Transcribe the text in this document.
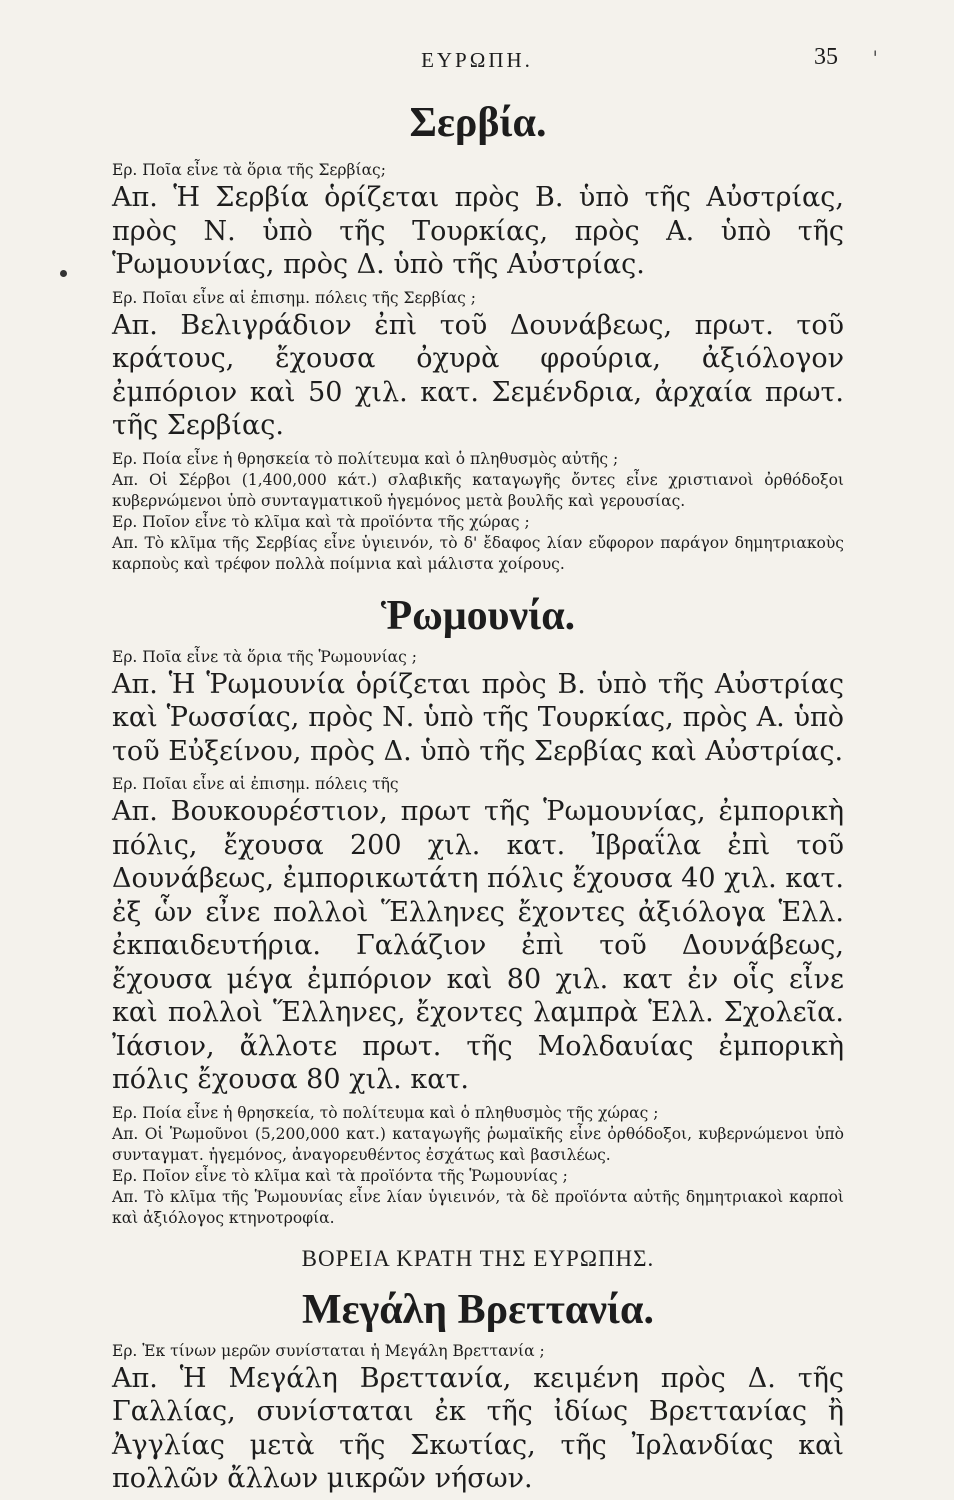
ΕΥΡΩΠΗ.	35 '
Σερβία.

Ερ. Ποῖα εἶνε τὰ ὅρια τῆς Σερβίας;

Απ. Ἡ Σερβία ὁρίζεται πρὸς Β. ὑπὸ τῆς Αὐστρίας, πρὸς Ν. ὑπὸ τῆς Τουρκίας, πρὸς Α. ὑπὸ τῆς Ῥωμουνίας, πρὸς Δ. ὑπὸ τῆς Αὐστρίας.

Ερ. Ποῖαι εἶνε αἱ ἐπισημ. πόλεις τῆς Σερβίας ;

Απ. Βελιγράδιον ἐπὶ τοῦ Δουνάβεως, πρωτ. τοῦ κράτους, ἔχουσα ὀχυρὰ φρούρια, ἀξιόλογον ἐμπόριον καὶ 50 χιλ. κατ. Σεμένδρια, ἀρχαία πρωτ. τῆς Σερβίας.

Ερ. Ποία εἶνε ἡ θρησκεία τὸ πολίτευμα καὶ ὁ πληθυσμὸς αὐτῆς ;

Απ. Οἱ Σέρβοι (1,400,000 κάτ.) σλαβικῆς καταγωγῆς ὄντες εἶνε χριστιανοὶ ὀρθόδοξοι κυβερνώμενοι ὑπὸ συνταγματικοῦ ἡγεμόνος μετὰ βουλῆς καὶ γερουσίας.

Ερ. Ποῖον εἶνε τὸ κλῖμα καὶ τὰ προϊόντα τῆς χώρας ;

Απ. Τὸ κλῖμα τῆς Σερβίας εἶνε ὑγιεινόν, τὸ δ' ἔδαφος λίαν εὔφορον παράγον δημητριακοὺς καρποὺς καὶ τρέφον πολλὰ ποίμνια καὶ μάλιστα χοίρους.

Ῥωμουνία.

Ερ. Ποῖα εἶνε τὰ ὅρια τῆς Ῥωμουνίας ;

Απ. Ἡ Ῥωμουνία ὁρίζεται πρὸς Β. ὑπὸ τῆς Αὐστρίας καὶ Ῥωσσίας, πρὸς Ν. ὑπὸ τῆς Τουρκίας, πρὸς Α. ὑπὸ τοῦ Εὐξείνου, πρὸς Δ. ὑπὸ τῆς Σερβίας καὶ Αὐστρίας.

Ερ. Ποῖαι εἶνε αἱ ἐπισημ. πόλεις τῆς

Απ. Βουκουρέστιον, πρωτ τῆς Ῥωμουνίας, ἐμπορικὴ πόλις, ἔχουσα 200 χιλ. κατ. Ἰβραΐλα ἐπὶ τοῦ Δουνάβεως, ἐμπορικωτάτη πόλις ἔχουσα 40 χιλ. κατ. ἐξ ὧν εἶνε πολλοὶ Ἕλληνες ἔχοντες ἀξιόλογα Ἑλλ. ἐκπαιδευτήρια. Γαλάζιον ἐπὶ τοῦ Δουνάβεως, ἔχουσα μέγα ἐμπόριον καὶ 80 χιλ. κατ ἐν οἷς εἶνε καὶ πολλοὶ Ἕλληνες, ἔχοντες λαμπρὰ Ἑλλ. Σχολεῖα. Ἰάσιον, ἄλλοτε πρωτ. τῆς Μολδαυίας ἐμπορικὴ πόλις ἔχουσα 80 χιλ. κατ.

Ερ. Ποία εἶνε ἡ θρησκεία, τὸ πολίτευμα καὶ ὁ πληθυσμὸς τῆς χώρας ;

Απ. Οἱ Ῥωμοῦνοι (5,200,000 κατ.) καταγωγῆς ῥωμαϊκῆς εἶνε ὀρθόδοξοι, κυβερνώμενοι ὑπὸ συνταγματ. ἡγεμόνος, ἀναγορευθέντος ἐσχάτως καὶ βασιλέως.

Ερ. Ποῖον εἶνε τὸ κλῖμα καὶ τὰ προϊόντα τῆς Ῥωμουνίας ;

Απ. Τὸ κλῖμα τῆς Ῥωμουνίας εἶνε λίαν ὑγιεινόν, τὰ δὲ προϊόντα αὐτῆς δημητριακοὶ καρποὶ καὶ ἀξιόλογος κτηνοτροφία.

ΒΟΡΕΙΑ ΚΡΑΤΗ ΤΗΣ ΕΥΡΩΠΗΣ.
Μεγάλη Βρεττανία.

Ερ. Ἐκ τίνων μερῶν συνίσταται ἡ Μεγάλη Βρεττανία ;

Απ. Ἡ Μεγάλη Βρεττανία, κειμένη πρὸς Δ. τῆς Γαλλίας, συνίσταται ἐκ τῆς ἰδίως Βρεττανίας ἢ Ἀγγλίας μετὰ τῆς Σκωτίας, τῆς Ἰρλανδίας καὶ πολλῶν ἄλλων μικρῶν νήσων.
